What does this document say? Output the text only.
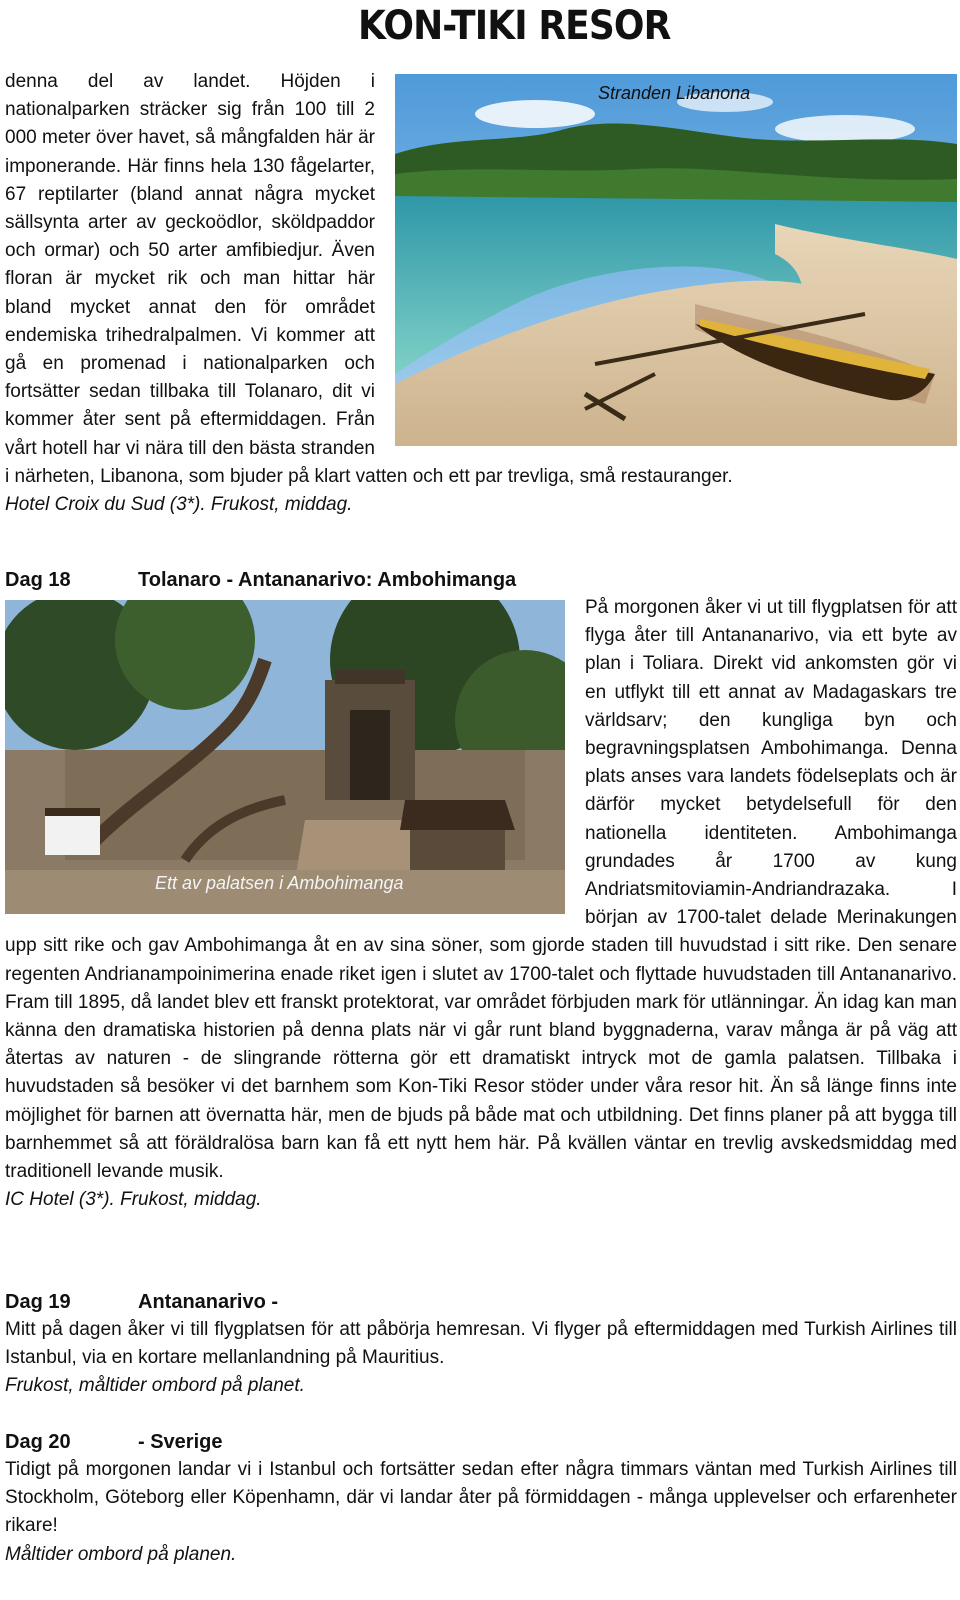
KON-TIKI RESOR
Stranden Libanona

denna del av landet. Höjden i nationalparken sträcker sig från 100 till 2 000 meter över havet, så mångfalden här är imponerande. Här finns hela 130 fågelarter, 67 reptilarter (bland annat några mycket sällsynta arter av geckoödlor, sköldpaddor och ormar) och 50 arter amfibiedjur. Även floran är mycket rik och man hittar här bland mycket annat den för området endemiska trihedralpalmen. Vi kommer att gå en promenad i nationalparken och fortsätter sedan tillbaka till Tolanaro, dit vi kommer åter sent på eftermiddagen. Från vårt hotell har vi nära till den bästa stranden i närheten, Libanona, som bjuder på klart vatten och ett par trevliga, små restauranger.

Hotel Croix du Sud (3*). Frukost, middag.

Dag 18	Tolanaro - Antananarivo: Ambohimanga

Ett av palatsen i Ambohimanga

På morgonen åker vi ut till flygplatsen för att flyga åter till Antananarivo, via ett byte av plan i Toliara. Direkt vid ankomsten gör vi en utflykt till ett annat av Madagaskars tre världsarv; den kungliga byn och begravningsplatsen Ambohimanga. Denna plats anses vara landets födelseplats och är därför mycket betydelsefull för den nationella identiteten. Ambohimanga grundades år 1700 av kung Andriatsmitoviamin-Andriandrazaka. I början av 1700-talet delade Merinakungen upp sitt rike och gav Ambohimanga åt en av sina söner, som gjorde staden till huvudstad i sitt rike. Den senare regenten Andrianampoinimerina enade riket igen i slutet av 1700-talet och flyttade huvudstaden till Antananarivo. Fram till 1895, då landet blev ett franskt protektorat, var området förbjuden mark för utlänningar. Än idag kan man känna den dramatiska historien på denna plats när vi går runt bland byggnaderna, varav många är på väg att återtas av naturen - de slingrande rötterna gör ett dramatiskt intryck mot de gamla palatsen. Tillbaka i huvudstaden så besöker vi det barnhem som Kon-Tiki Resor stöder under våra resor hit. Än så länge finns inte möjlighet för barnen att övernatta här, men de bjuds på både mat och utbildning. Det finns planer på att bygga till barnhemmet så att föräldralösa barn kan få ett nytt hem här. På kvällen väntar en trevlig avskedsmiddag med traditionell levande musik.

IC Hotel (3*). Frukost, middag.

Dag 19	Antananarivo -

Mitt på dagen åker vi till flygplatsen för att påbörja hemresan. Vi flyger på eftermiddagen med Turkish Airlines till Istanbul, via en kortare mellanlandning på Mauritius.

Frukost, måltider ombord på planet.

Dag 20	- Sverige

Tidigt på morgonen landar vi i Istanbul och fortsätter sedan efter några timmars väntan med Turkish Airlines till Stockholm, Göteborg eller Köpenhamn, där vi landar åter på förmiddagen - många upplevelser och erfarenheter rikare!

Måltider ombord på planen.
